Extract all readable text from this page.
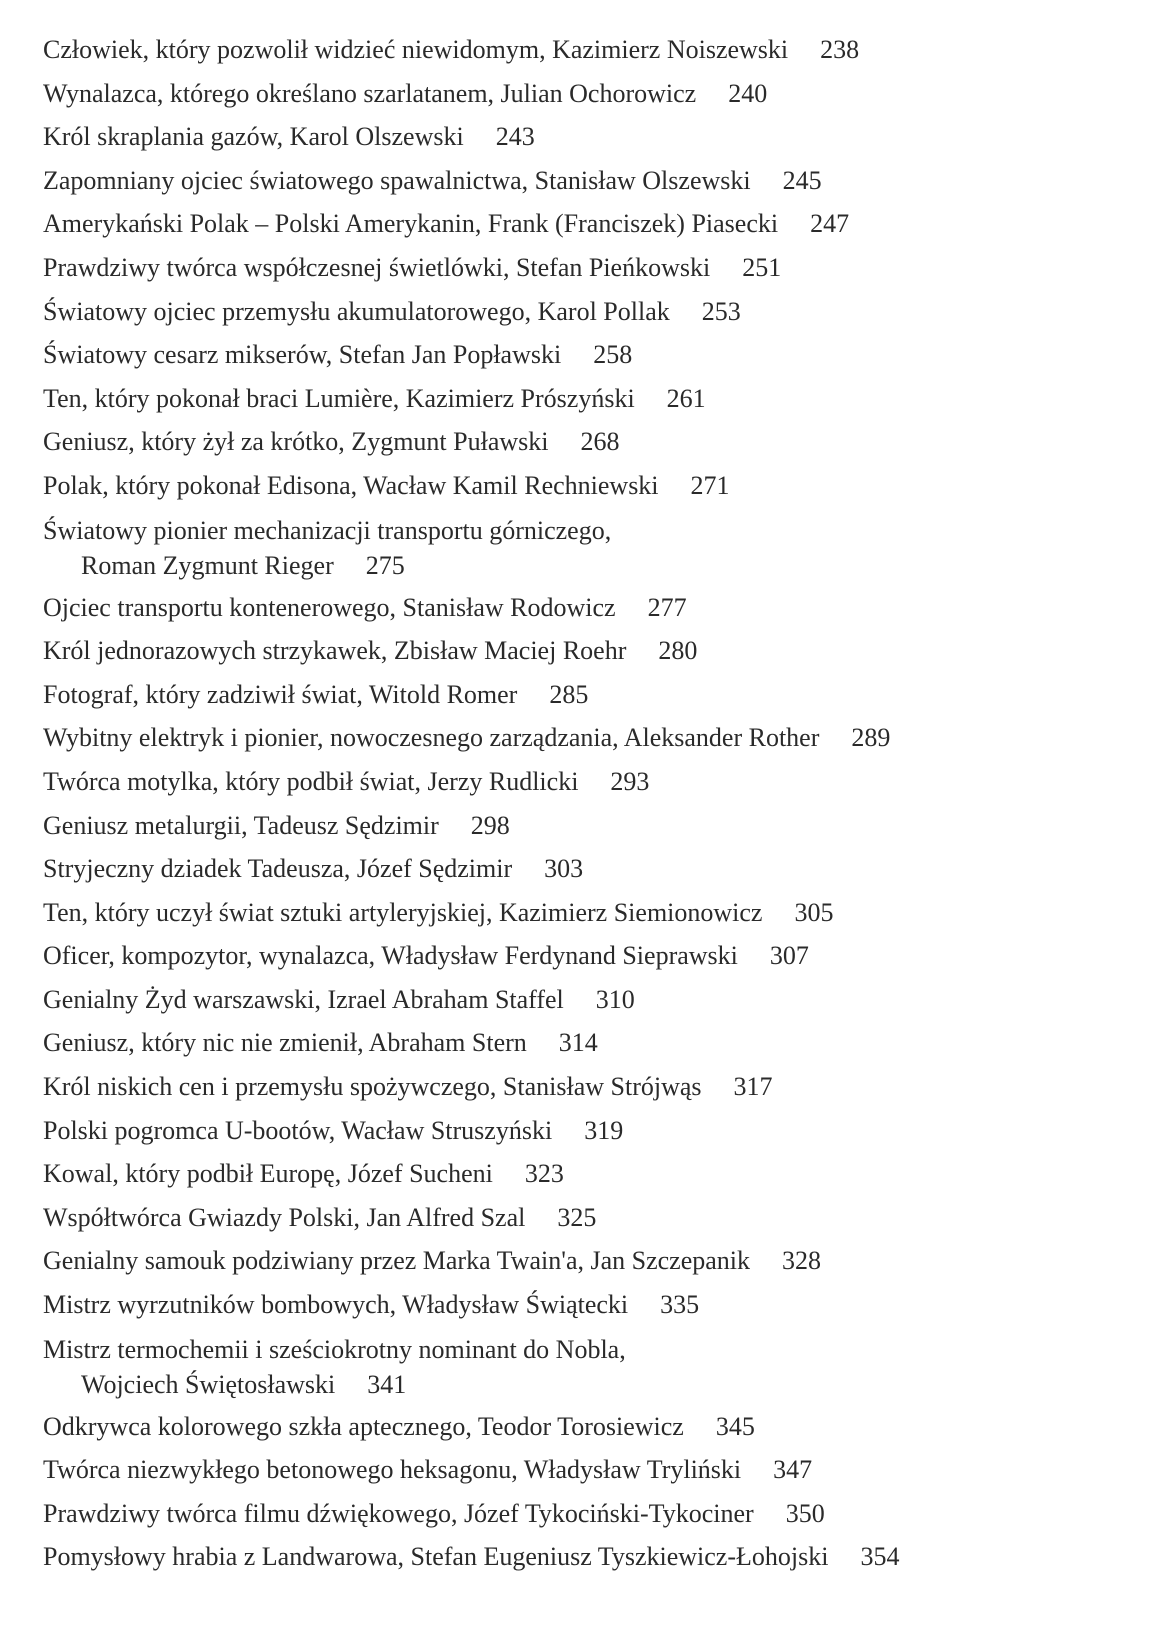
Człowiek, który pozwolił widzieć niewidomym, Kazimierz Noiszewski 238
Wynalazca, którego określano szarlatanem, Julian Ochorowicz 240
Król skraplania gazów, Karol Olszewski 243
Zapomniany ojciec światowego spawalnictwa, Stanisław Olszewski 245
Amerykański Polak – Polski Amerykanin, Frank (Franciszek) Piasecki 247
Prawdziwy twórca współczesnej świetlówki, Stefan Pieńkowski 251
Światowy ojciec przemysłu akumulatorowego, Karol Pollak 253
Światowy cesarz mikserów, Stefan Jan Popławski 258
Ten, który pokonał braci Lumière, Kazimierz Prószyński 261
Geniusz, który żył za krótko, Zygmunt Puławski 268
Polak, który pokonał Edisona, Wacław Kamil Rechniewski 271
Światowy pionier mechanizacji transportu górniczego,
Roman Zygmunt Rieger 275
Ojciec transportu kontenerowego, Stanisław Rodowicz 277
Król jednorazowych strzykawek, Zbisław Maciej Roehr 280
Fotograf, który zadziwił świat, Witold Romer 285
Wybitny elektryk i pionier, nowoczesnego zarządzania, Aleksander Rother 289
Twórca motylka, który podbił świat, Jerzy Rudlicki 293
Geniusz metalurgii, Tadeusz Sędzimir 298
Stryjeczny dziadek Tadeusza, Józef Sędzimir 303
Ten, który uczył świat sztuki artyleryjskiej, Kazimierz Siemionowicz 305
Oficer, kompozytor, wynalazca, Władysław Ferdynand Sieprawski 307
Genialny Żyd warszawski, Izrael Abraham Staffel 310
Geniusz, który nic nie zmienił, Abraham Stern 314
Król niskich cen i przemysłu spożywczego, Stanisław Strójwąs 317
Polski pogromca U-bootów, Wacław Struszyński 319
Kowal, który podbił Europę, Józef Sucheni 323
Współtwórca Gwiazdy Polski, Jan Alfred Szal 325
Genialny samouk podziwiany przez Marka Twain'a, Jan Szczepanik 328
Mistrz wyrzutników bombowych, Władysław Świątecki 335
Mistrz termochemii i sześciokrotny nominant do Nobla,
Wojciech Świętosławski 341
Odkrywca kolorowego szkła aptecznego, Teodor Torosiewicz 345
Twórca niezwykłego betonowego heksagonu, Władysław Tryliński 347
Prawdziwy twórca filmu dźwiękowego, Józef Tykociński-Tykociner 350
Pomysłowy hrabia z Landwarowa, Stefan Eugeniusz Tyszkiewicz-Łohojski 354
